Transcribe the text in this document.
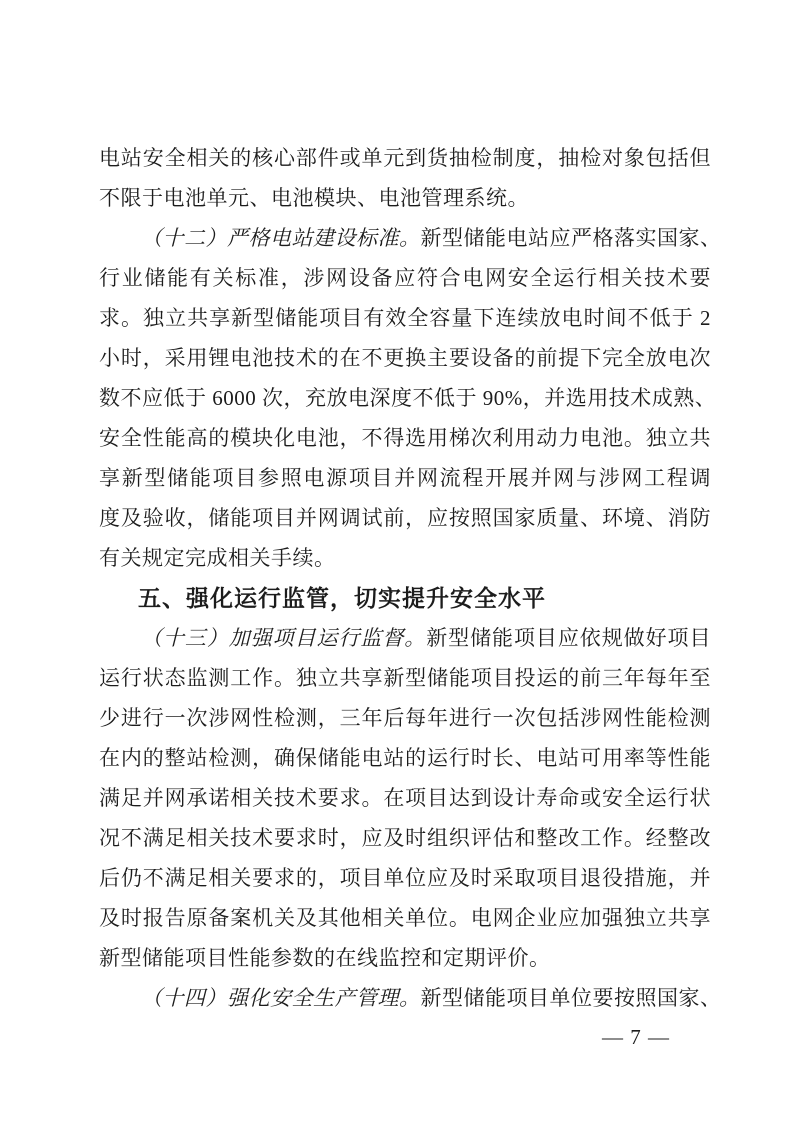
电站安全相关的核心部件或单元到货抽检制度，抽检对象包括但
不限于电池单元、电池模块、电池管理系统。
（十二）严格电站建设标准。新型储能电站应严格落实国家、
行业储能有关标准，涉网设备应符合电网安全运行相关技术要
求。独立共享新型储能项目有效全容量下连续放电时间不低于 2
小时，采用锂电池技术的在不更换主要设备的前提下完全放电次
数不应低于 6000 次，充放电深度不低于 90%，并选用技术成熟、
安全性能高的模块化电池，不得选用梯次利用动力电池。独立共
享新型储能项目参照电源项目并网流程开展并网与涉网工程调
度及验收，储能项目并网调试前，应按照国家质量、环境、消防
有关规定完成相关手续。
五、强化运行监管，切实提升安全水平
（十三）加强项目运行监督。新型储能项目应依规做好项目
运行状态监测工作。独立共享新型储能项目投运的前三年每年至
少进行一次涉网性检测，三年后每年进行一次包括涉网性能检测
在内的整站检测，确保储能电站的运行时长、电站可用率等性能
满足并网承诺相关技术要求。在项目达到设计寿命或安全运行状
况不满足相关技术要求时，应及时组织评估和整改工作。经整改
后仍不满足相关要求的，项目单位应及时采取项目退役措施，并
及时报告原备案机关及其他相关单位。电网企业应加强独立共享
新型储能项目性能参数的在线监控和定期评价。
（十四）强化安全生产管理。新型储能项目单位要按照国家、
— 7 —
